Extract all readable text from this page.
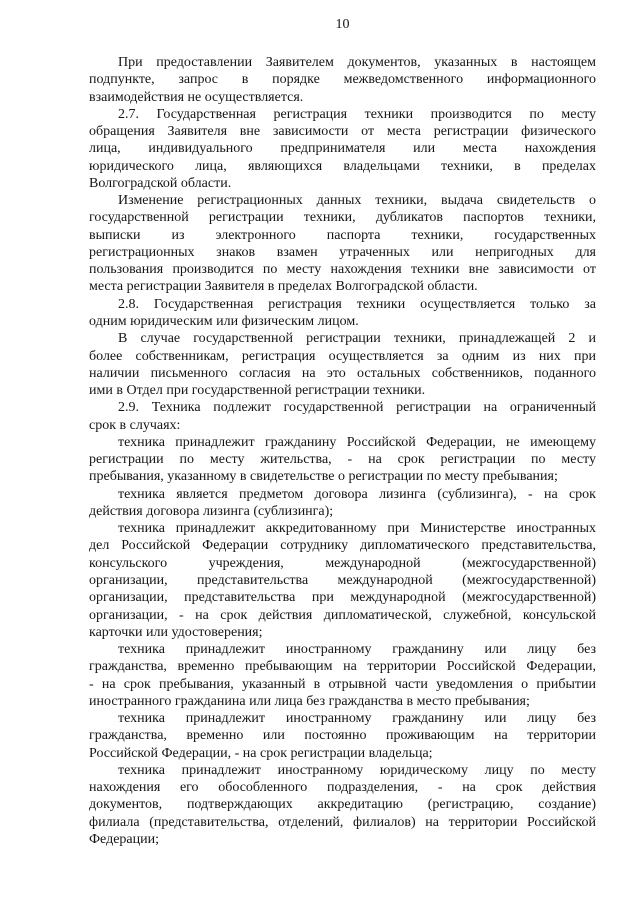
10
При предоставлении Заявителем документов, указанных в настоящем
подпункте, запрос в порядке межведомственного информационного
взаимодействия не осуществляется.
2.7. Государственная регистрация техники производится по месту
обращения Заявителя вне зависимости от места регистрации физического
лица, индивидуального предпринимателя или места нахождения
юридического лица, являющихся владельцами техники, в пределах
Волгоградской области.
Изменение регистрационных данных техники, выдача свидетельств о
государственной регистрации техники, дубликатов паспортов техники,
выписки из электронного паспорта техники, государственных
регистрационных знаков взамен утраченных или непригодных для
пользования производится по месту нахождения техники вне зависимости от
места регистрации Заявителя в пределах Волгоградской области.
2.8. Государственная регистрация техники осуществляется только за
одним юридическим или физическим лицом.
В случае государственной регистрации техники, принадлежащей 2 и
более собственникам, регистрация осуществляется за одним из них при
наличии письменного согласия на это остальных собственников, поданного
ими в Отдел при государственной регистрации техники.
2.9. Техника подлежит государственной регистрации на ограниченный
срок в случаях:
техника принадлежит гражданину Российской Федерации, не имеющему
регистрации по месту жительства, - на срок регистрации по месту
пребывания, указанному в свидетельстве о регистрации по месту пребывания;
техника является предметом договора лизинга (сублизинга), - на срок
действия договора лизинга (сублизинга);
техника принадлежит аккредитованному при Министерстве иностранных
дел Российской Федерации сотруднику дипломатического представительства,
консульского учреждения, международной (межгосударственной)
организации, представительства международной (межгосударственной)
организации, представительства при международной (межгосударственной)
организации, - на срок действия дипломатической, служебной, консульской
карточки или удостоверения;
техника принадлежит иностранному гражданину или лицу без
гражданства, временно пребывающим на территории Российской Федерации,
- на срок пребывания, указанный в отрывной части уведомления о прибытии
иностранного гражданина или лица без гражданства в место пребывания;
техника принадлежит иностранному гражданину или лицу без
гражданства, временно или постоянно проживающим на территории
Российской Федерации, - на срок регистрации владельца;
техника принадлежит иностранному юридическому лицу по месту
нахождения его обособленного подразделения, - на срок действия
документов, подтверждающих аккредитацию (регистрацию, создание)
филиала (представительства, отделений, филиалов) на территории Российской
Федерации;
